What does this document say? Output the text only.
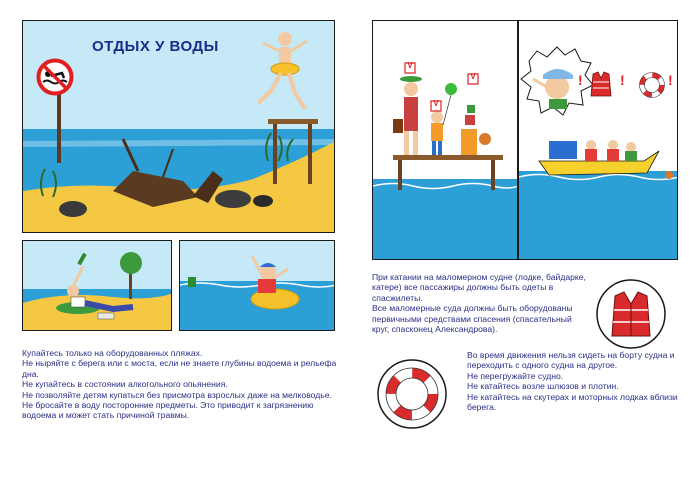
ОТДЫХ У ВОДЫ

Купайтесь только на оборудованных пляжах.

Не ныряйте с берега или с моста, если не знаете глубины водоема и рельефа дна.

Не купайтесь в состоянии алкогольного опьянения.

Не позволяйте детям купаться без присмотра взрослых даже на мелководье.

Не бросайте в воду посторонние предметы. Это приводит к загрязнению водоема и может стать причиной травмы.

V
V
V	!	!	!

При катании на маломерном судне (лодке, байдарке, катере) все пассажиры должны быть одеты в спасжилеты.

Все маломерные суда должны быть оборудованы первичными средствами спасения (спасательный круг, спасконец Александрова).

Во время движения нельзя сидеть на борту судна и переходить с одного судна на другое.

Не перегружайте судно.

Не катайтесь возле шлюзов и плотин.

Не катайтесь на скутерах и моторных лодках вблизи берега.
